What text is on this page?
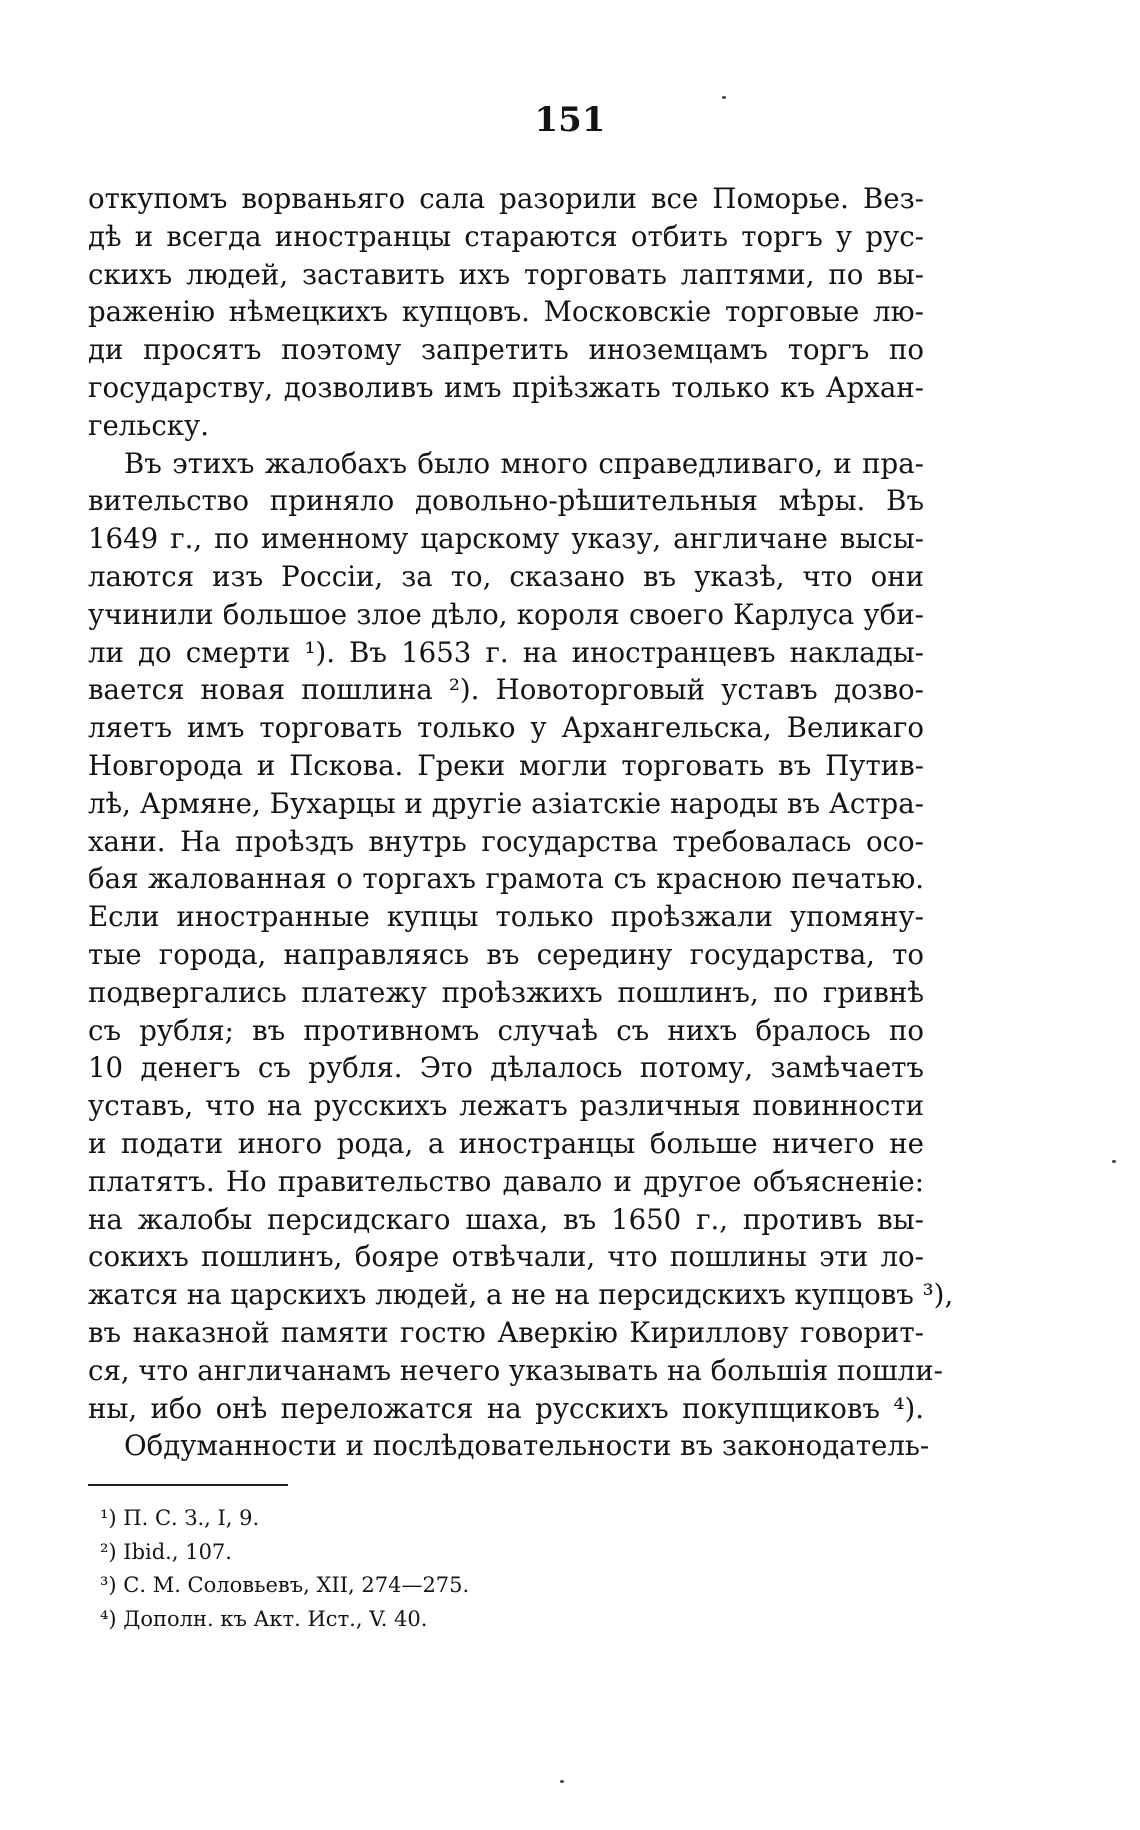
151
откупомъ ворваньяго сала разорили все Поморье. Вез-
дѣ и всегда иностранцы стараются отбить торгъ у рус-
скихъ людей, заставить ихъ торговать лаптями, по вы-
раженію нѣмецкихъ купцовъ. Московскіе торговые лю-
ди просятъ поэтому запретить иноземцамъ торгъ по
государству, дозволивъ имъ пріѣзжать только къ Архан-
гельску.
Въ этихъ жалобахъ было много справедливаго, и пра-
вительство приняло довольно-рѣшительныя мѣры. Въ
1649 г., по именному царскому указу, англичане высы-
лаются изъ Россіи, за то, сказано въ указѣ, что они
учинили большое злое дѣло, короля своего Карлуса уби-
ли до смерти ¹). Въ 1653 г. на иностранцевъ наклады-
вается новая пошлина ²). Новоторговый уставъ дозво-
ляетъ имъ торговать только у Архангельска, Великаго
Новгорода и Пскова. Греки могли торговать въ Путив-
лѣ, Армяне, Бухарцы и другіе азіатскіе народы въ Астра-
хани. На проѣздъ внутрь государства требовалась осо-
бая жалованная о торгахъ грамота съ красною печатью.
Если иностранные купцы только проѣзжали упомяну-
тые города, направляясь въ середину государства, то
подвергались платежу проѣзжихъ пошлинъ, по гривнѣ
съ рубля; въ противномъ случаѣ съ нихъ бралось по
10 денегъ съ рубля. Это дѣлалось потому, замѣчаетъ
уставъ, что на русскихъ лежатъ различныя повинности
и подати иного рода, а иностранцы больше ничего не
платятъ. Но правительство давало и другое объясненіе:
на жалобы персидскаго шаха, въ 1650 г., противъ вы-
сокихъ пошлинъ, бояре отвѣчали, что пошлины эти ло-
жатся на царскихъ людей, а не на персидскихъ купцовъ ³),
въ наказной памяти гостю Аверкію Кириллову говорит-
ся, что англичанамъ нечего указывать на большія пошли-
ны, ибо онѣ переложатся на русскихъ покупщиковъ ⁴).
Обдуманности и послѣдовательности въ законодатель-
¹) П. С. З., I, 9.
²) Ibid., 107.
³) С. М. Соловьевъ, XII, 274—275.
⁴) Дополн. къ Акт. Ист., V. 40.
